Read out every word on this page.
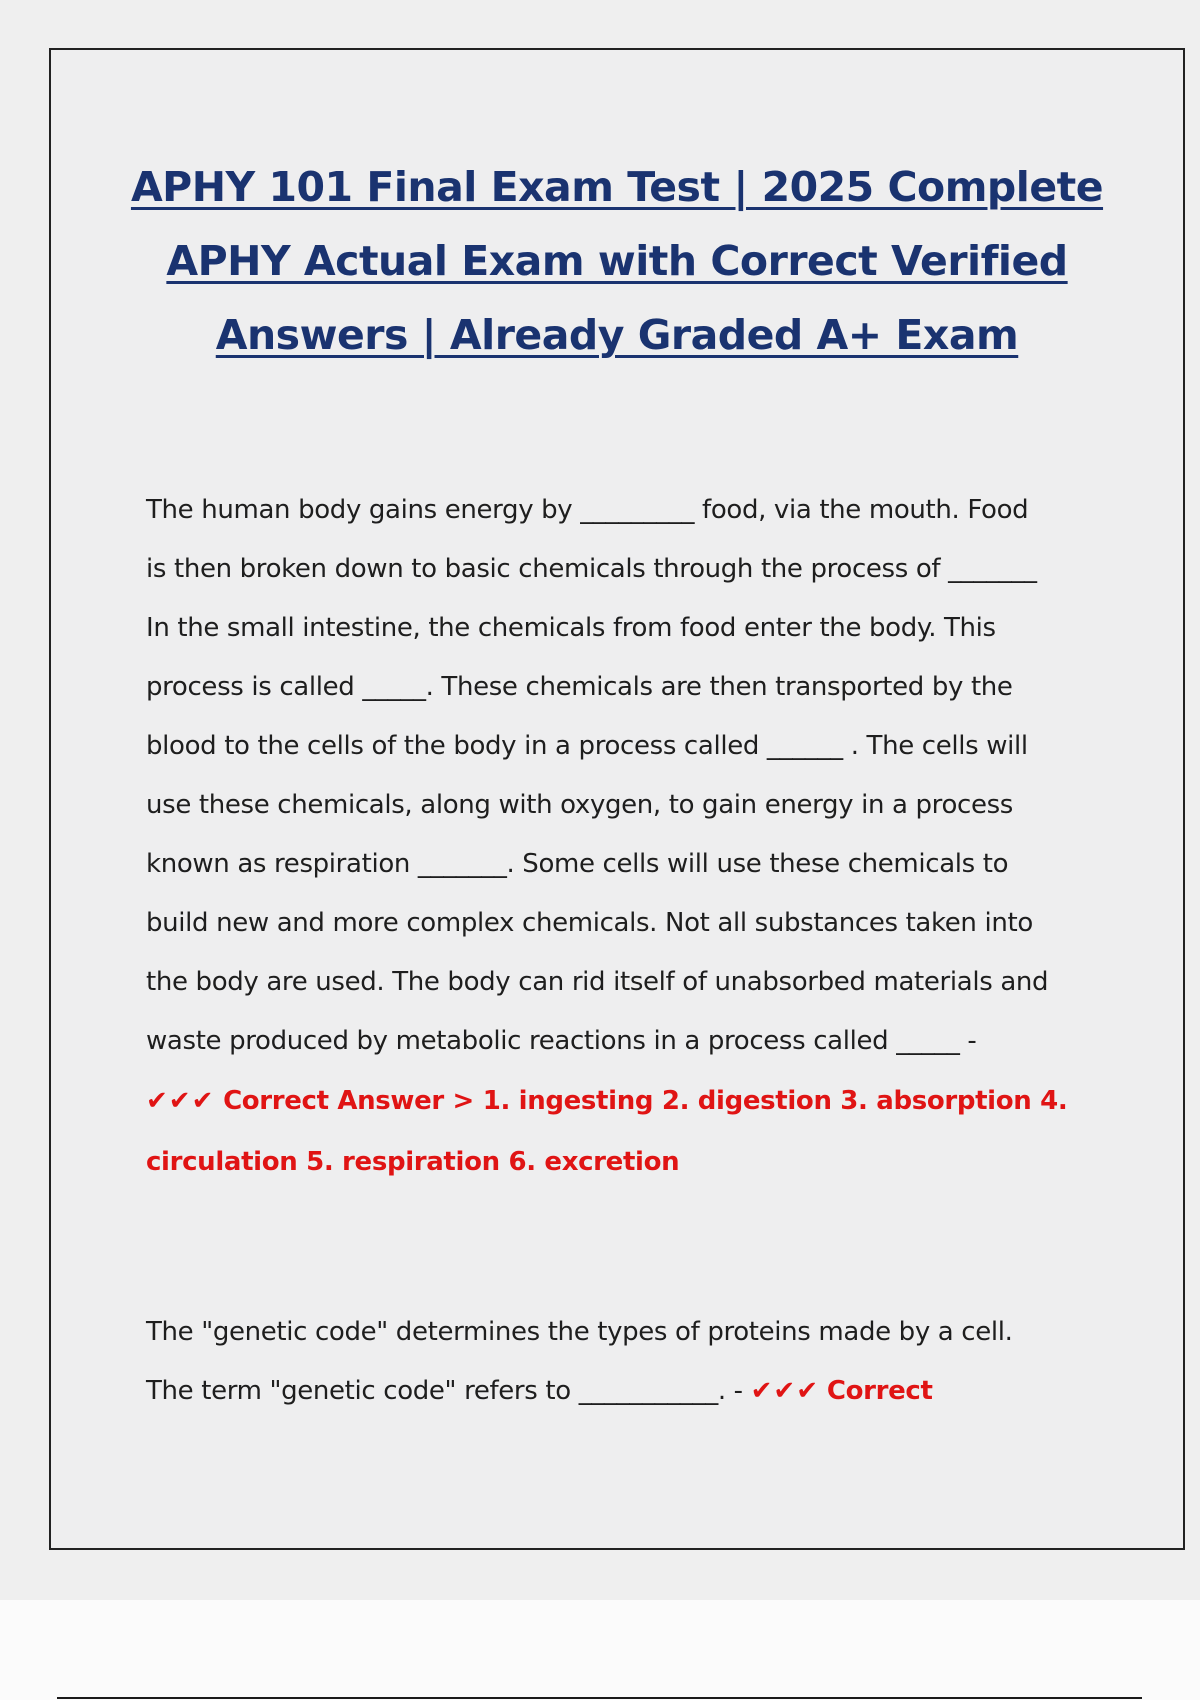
APHY 101 Final Exam Test | 2025 Complete
APHY Actual Exam with Correct Verified
Answers | Already Graded A+ Exam
The human body gains energy by _________ food, via the mouth. Food
is then broken down to basic chemicals through the process of _______
In the small intestine, the chemicals from food enter the body. This
process is called _____. These chemicals are then transported by the
blood to the cells of the body in a process called ______ . The cells will
use these chemicals, along with oxygen, to gain energy in a process
known as respiration _______. Some cells will use these chemicals to
build new and more complex chemicals. Not all substances taken into
the body are used. The body can rid itself of unabsorbed materials and
waste produced by metabolic reactions in a process called _____ -
✔✔✔ Correct Answer > 1. ingesting 2. digestion 3. absorption 4.
circulation 5. respiration 6. excretion
The "genetic code" determines the types of proteins made by a cell.
The term "genetic code" refers to ___________. - ✔✔✔ Correct
